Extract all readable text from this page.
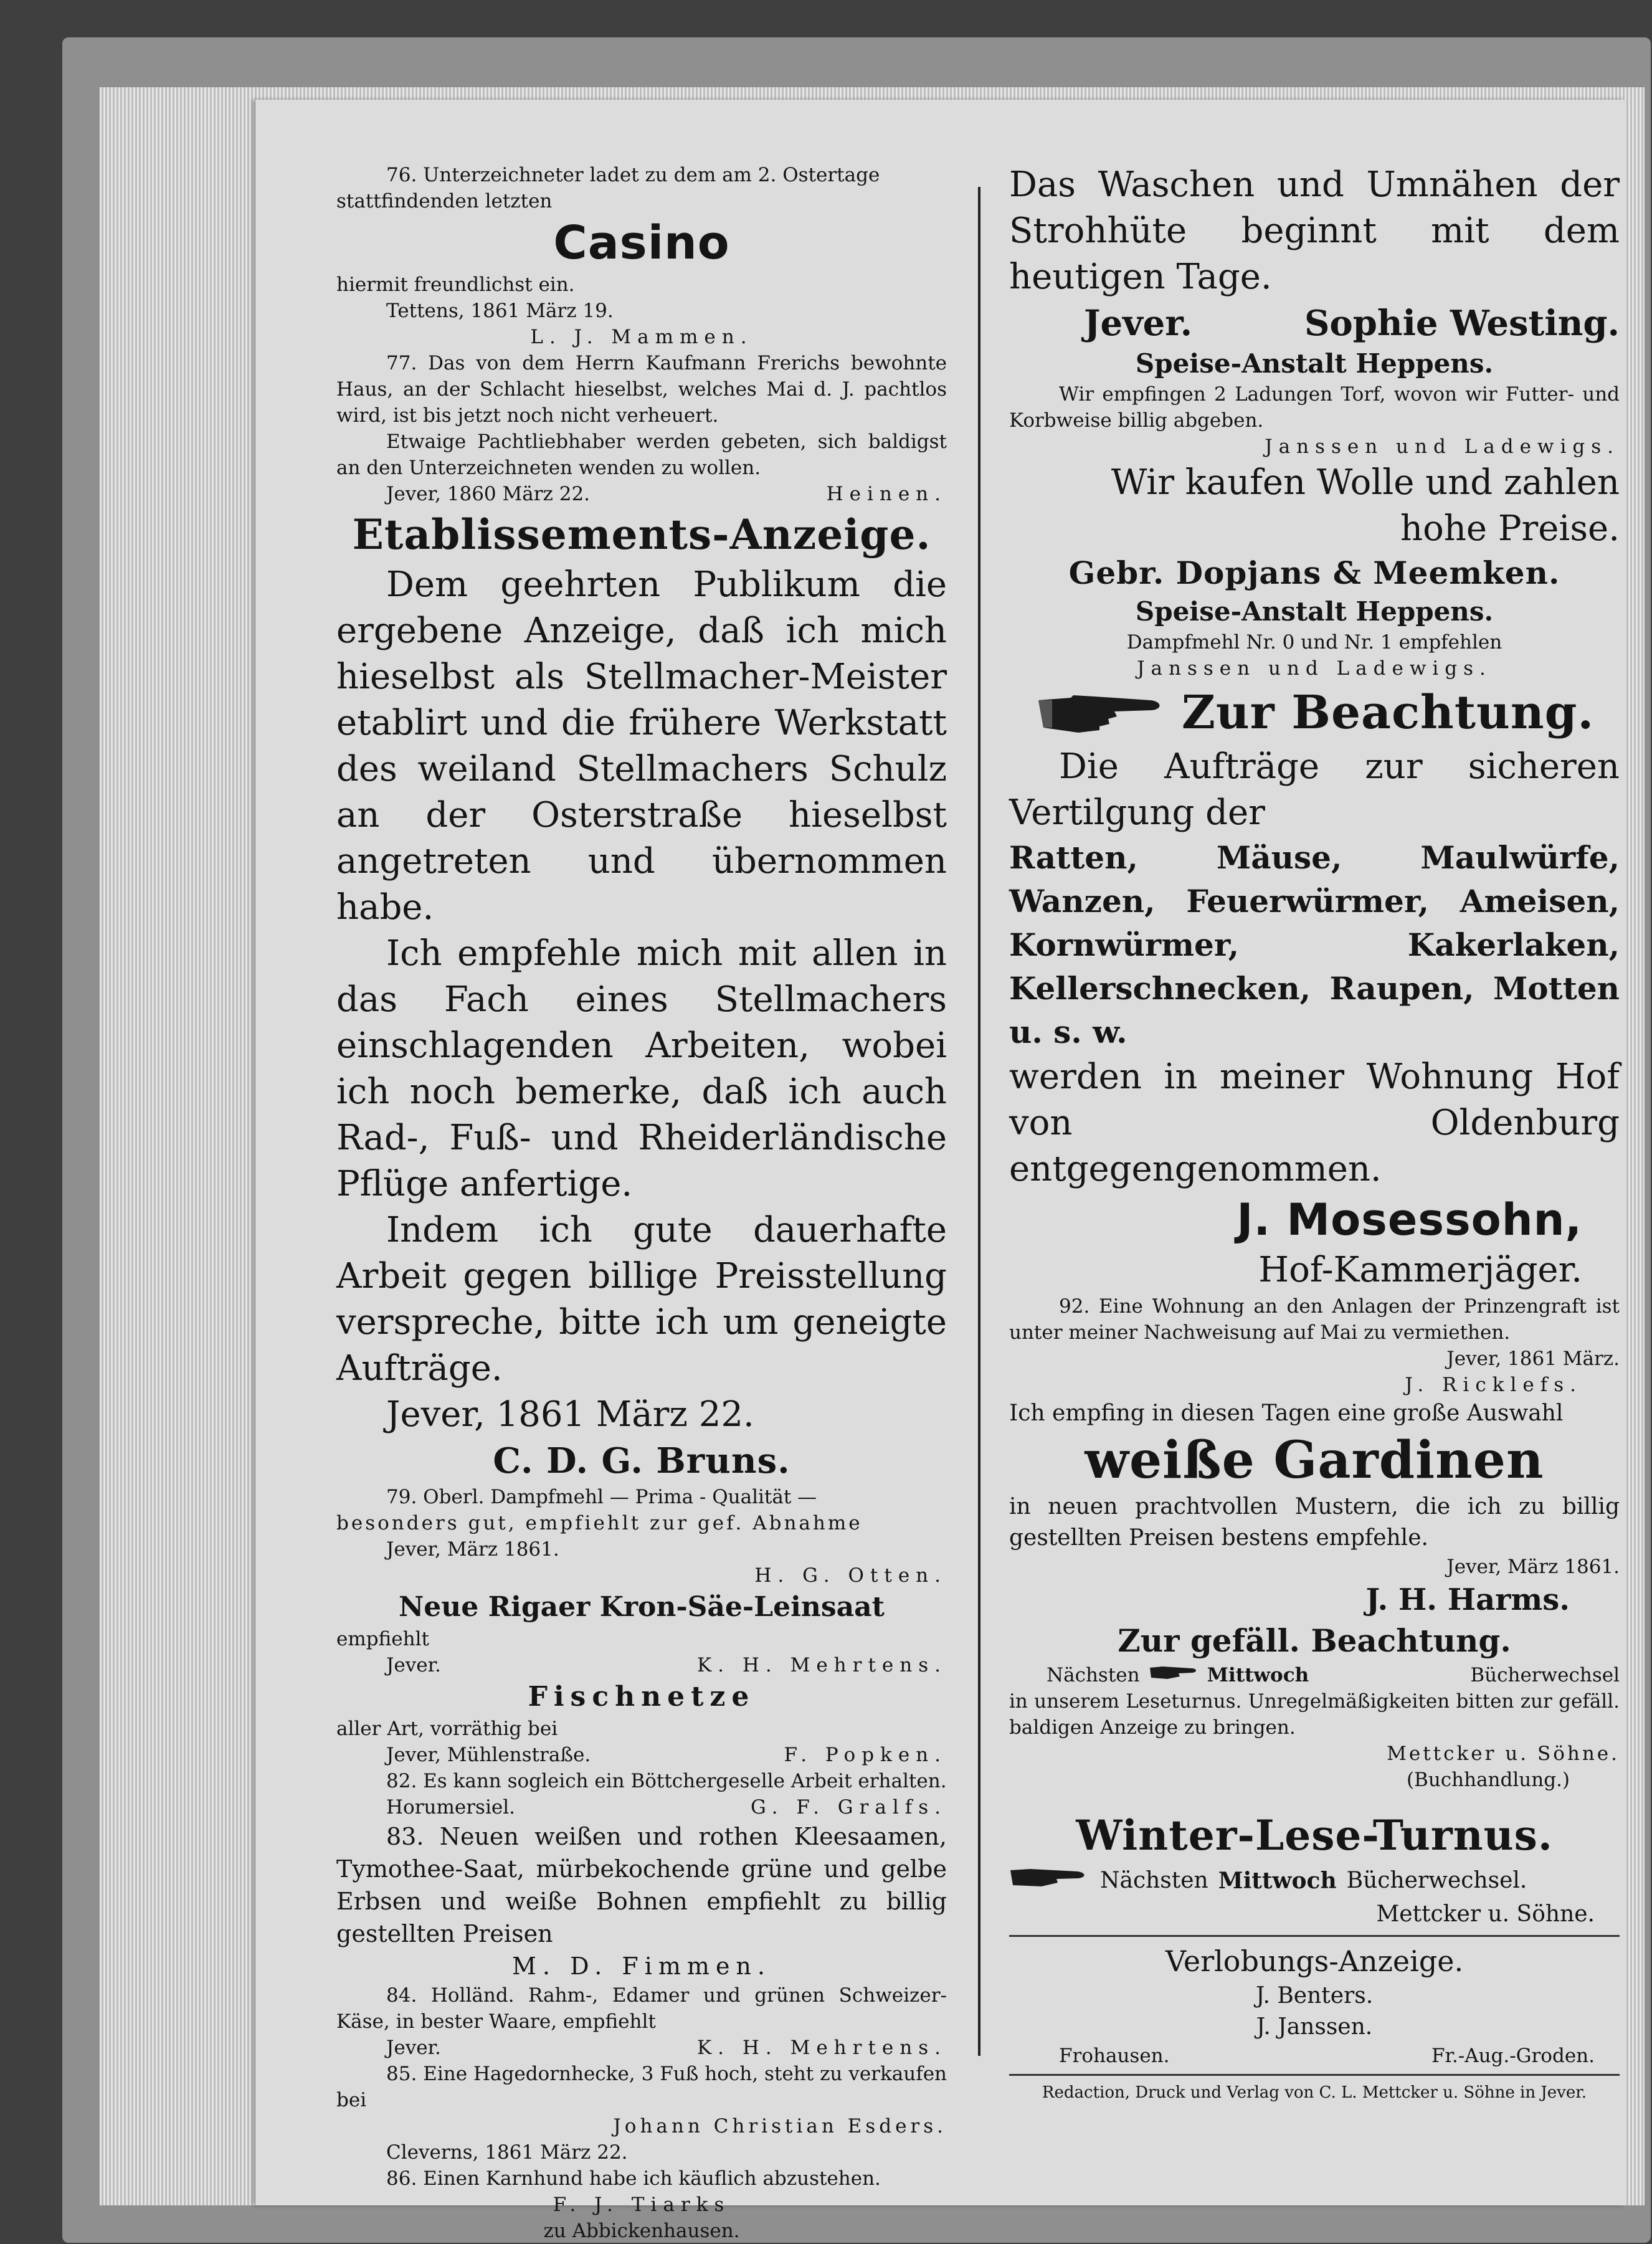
76. Unterzeichneter ladet zu dem am 2. Ostertage

stattfindenden letzten

Casino

hiermit freundlichst ein.

Tettens, 1861 März 19.

L. J. Mammen.

77. Das von dem Herrn Kaufmann Frerichs bewohnte Haus, an der Schlacht hieselbst, welches Mai d. J. pachtlos wird, ist bis jetzt noch nicht verheuert.

Etwaige Pachtliebhaber werden gebeten, sich baldigst an den Unterzeichneten wenden zu wollen.

Jever, 1860 März 22.	Heinen.

Etablissements-Anzeige.

Dem geehrten Publikum die ergebene Anzeige, daß ich mich hieselbst als Stellmacher-Meister etablirt und die frühere Werkstatt des weiland Stellmachers Schulz an der Osterstraße hieselbst angetreten und übernommen habe.

Ich empfehle mich mit allen in das Fach eines Stellmachers einschlagenden Arbeiten, wobei ich noch bemerke, daß ich auch Rad-, Fuß- und Rheiderländische Pflüge anfertige.

Indem ich gute dauerhafte Arbeit gegen billige Preisstellung verspreche, bitte ich um geneigte Aufträge.

Jever, 1861 März 22.

C. D. G. Bruns.

79. Oberl. Dampfmehl — Prima - Qualität —

besonders gut, empfiehlt zur gef. Abnahme

Jever, März 1861.

H. G. Otten.

Neue Rigaer Kron-Säe-Leinsaat

empfiehlt

Jever.	K. H. Mehrtens.

Fischnetze

aller Art, vorräthig bei

Jever, Mühlenstraße.	F. Popken.

82. Es kann sogleich ein Böttchergeselle Arbeit erhalten.

Horumersiel.	G. F. Gralfs.

83. Neuen weißen und rothen Kleesaamen, Tymothee-Saat, mürbekochende grüne und gelbe Erbsen und weiße Bohnen empfiehlt zu billig gestellten Preisen

M. D. Fimmen.

84. Holländ. Rahm-, Edamer und grünen Schweizer-Käse, in bester Waare, empfiehlt

Jever.	K. H. Mehrtens.

85. Eine Hagedornhecke, 3 Fuß hoch, steht zu verkaufen bei

Johann Christian Esders.

Cleverns, 1861 März 22.

86. Einen Karnhund habe ich käuflich abzustehen.

F. J. Tiarks

zu Abbickenhausen.

Das Waschen und Umnähen der Strohhüte beginnt mit dem heutigen Tage.

Jever.	Sophie Westing.

Speise-Anstalt Heppens.

Wir empfingen 2 Ladungen Torf, wovon wir Futter- und Korbweise billig abgeben.

Janssen und Ladewigs.

Wir kaufen Wolle und zahlen hohe Preise.

Gebr. Dopjans & Meemken.

Speise-Anstalt Heppens.

Dampfmehl Nr. 0 und Nr. 1 empfehlen

Janssen und Ladewigs.

Zur Beachtung.

Die Aufträge zur sicheren Vertilgung der

Ratten, Mäuse, Maulwürfe, Wanzen, Feuerwürmer, Ameisen, Kornwürmer, Kakerlaken, Kellerschnecken, Raupen, Motten u. s. w.

werden in meiner Wohnung Hof von Oldenburg entgegengenommen.

J. Mosessohn,

Hof-Kammerjäger.

92. Eine Wohnung an den Anlagen der Prinzengraft ist unter meiner Nachweisung auf Mai zu vermiethen.

Jever, 1861 März.

J. Ricklefs.

Ich empfing in diesen Tagen eine große Auswahl

weiße Gardinen

in neuen prachtvollen Mustern, die ich zu billig gestellten Preisen bestens empfehle.

Jever, März 1861.

J. H. Harms.

Zur gefäll. Beachtung.

Nächsten	Mittwoch	Bücherwechsel

in unserem Leseturnus. Unregelmäßigkeiten bitten zur gefäll. baldigen Anzeige zu bringen.

Mettcker u. Söhne.

(Buchhandlung.)

Winter-Lese-Turnus.

Nächsten Mittwoch Bücherwechsel.

Mettcker u. Söhne.

Verlobungs-Anzeige.

J. Benters.

J. Janssen.

Frohausen.	Fr.-Aug.-Groden.

Redaction, Druck und Verlag von C. L. Mettcker u. Söhne in Jever.
